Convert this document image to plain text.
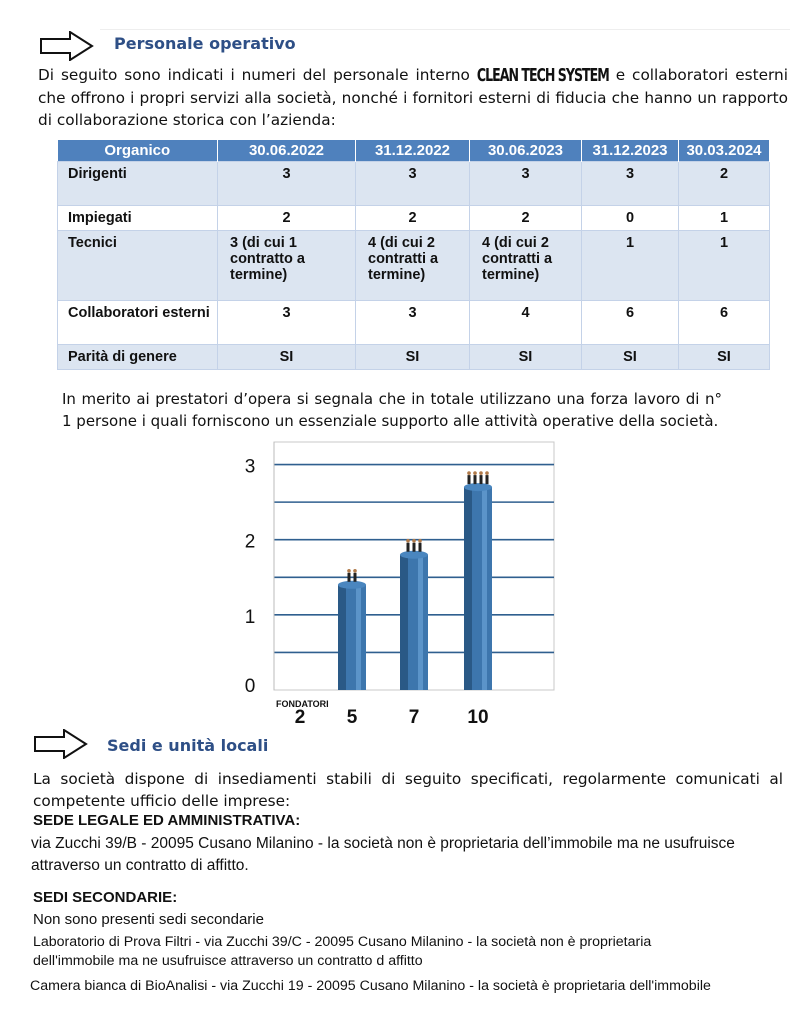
Personale operativo
Di seguito sono indicati i numeri del personale interno CLEAN TECH SYSTEM e collaboratori esterni che offrono i propri servizi alla società, nonché i fornitori esterni di fiducia che hanno un rapporto di collaborazione storica con l’azienda:
Organico	30.06.2022	31.12.2022	30.06.2023	31.12.2023	30.03.2024
Dirigenti	3	3	3	3	2
Impiegati	2	2	2	0	1
Tecnici	3 (di cui 1 contratto a termine)	4 (di cui 2 contratti a termine)	4 (di cui 2 contratti a termine)	1	1
Collaboratori esterni	3	3	4	6	6
Parità di genere	SI	SI	SI	SI	SI
In merito ai prestatori d’opera si segnala che in totale utilizzano una forza lavoro di n° 1 persone i quali forniscono un essenziale supporto alle attività operative della società.
0
1
2
3
2 5	7	10
FONDATORI
Sedi e unità locali
La società dispone di insediamenti stabili di seguito specificati, regolarmente comunicati al competente ufficio delle imprese:
SEDE LEGALE ED AMMINISTRATIVA:
via Zucchi 39/B - 20095 Cusano Milanino - la società non è proprietaria dell’immobile ma ne usufruisce attraverso un contratto di affitto.
SEDI SECONDARIE:
Non sono presenti sedi secondarie
Laboratorio di Prova Filtri - via Zucchi 39/C - 20095 Cusano Milanino - la società non è proprietaria dell'immobile ma ne usufruisce attraverso un contratto d affitto
Camera bianca di BioAnalisi - via Zucchi 19 - 20095 Cusano Milanino - la società è proprietaria dell'immobile
